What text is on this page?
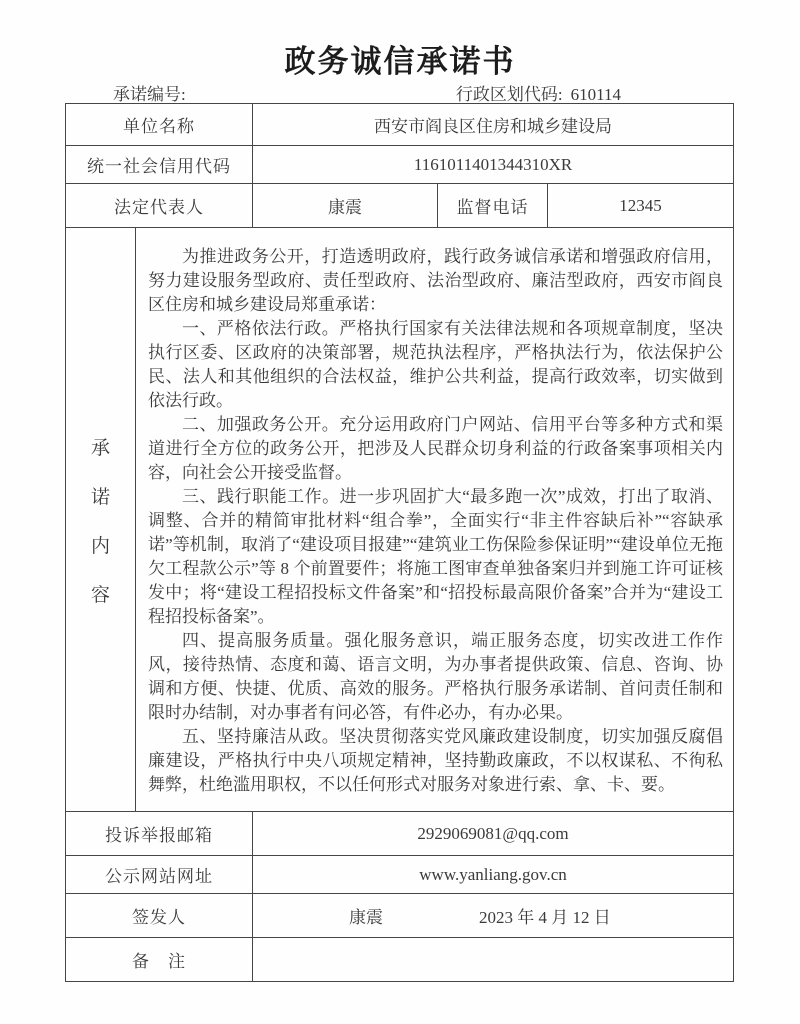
政务诚信承诺书
承诺编号:	行政区划代码: 610114
单位名称		西安市阎良区住房和城乡建设局		
统一社会信用代码		1161011401344310XR		
法定代表人		康震	监督电话	12345

承
诺
内
容

为推进政务公开，打造透明政府，践行政务诚信承诺和增强政府信用，努力建设服务型政府、责任型政府、法治型政府、廉洁型政府，西安市阎良区住房和城乡建设局郑重承诺：

一、严格依法行政。严格执行国家有关法律法规和各项规章制度，坚决执行区委、区政府的决策部署，规范执法程序，严格执法行为，依法保护公民、法人和其他组织的合法权益，维护公共利益，提高行政效率，切实做到依法行政。

二、加强政务公开。充分运用政府门户网站、信用平台等多种方式和渠道进行全方位的政务公开，把涉及人民群众切身利益的行政备案事项相关内容，向社会公开接受监督。

三、践行职能工作。进一步巩固扩大“最多跑一次”成效，打出了取消、调整、合并的精简审批材料“组合拳”，全面实行“非主件容缺后补”“容缺承诺”等机制，取消了“建设项目报建”“建筑业工伤保险参保证明”“建设单位无拖欠工程款公示”等 8 个前置要件；将施工图审查单独备案归并到施工许可证核发中；将“建设工程招投标文件备案”和“招投标最高限价备案”合并为“建设工程招投标备案”。

四、提高服务质量。强化服务意识，端正服务态度，切实改进工作作风，接待热情、态度和蔼、语言文明，为办事者提供政策、信息、咨询、协调和方便、快捷、优质、高效的服务。严格执行服务承诺制、首问责任制和限时办结制，对办事者有问必答，有件必办，有办必果。

五、坚持廉洁从政。坚决贯彻落实党风廉政建设制度，切实加强反腐倡廉建设，严格执行中央八项规定精神，坚持勤政廉政，不以权谋私、不徇私舞弊，杜绝滥用职权，不以任何形式对服务对象进行索、拿、卡、要。

投诉举报邮箱		2929069081@qq.com		
公示网站网址		www.yanliang.gov.cn		
签发人		康震 2023 年 4 月 12 日		

备　注				
